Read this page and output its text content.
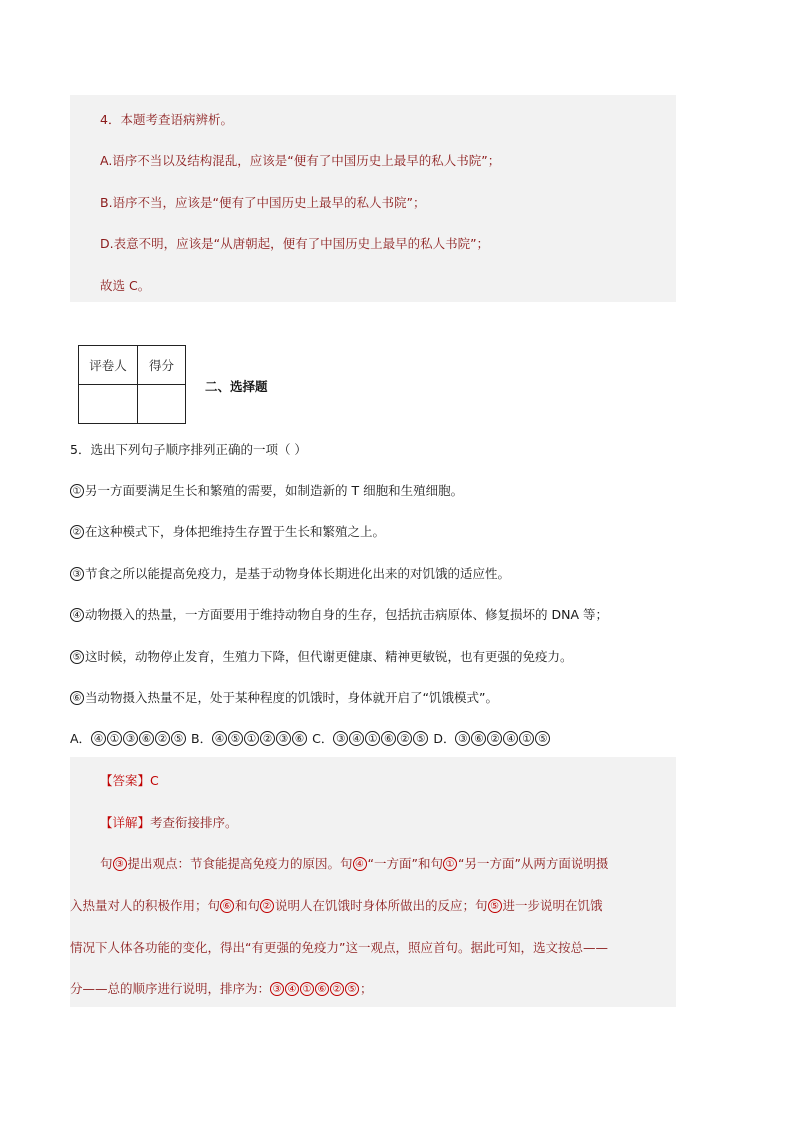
4．本题考查语病辨析。

A.语序不当以及结构混乱，应该是“便有了中国历史上最早的私人书院”；

B.语序不当，应该是“便有了中国历史上最早的私人书院”；

D.表意不明，应该是“从唐朝起，便有了中国历史上最早的私人书院”；

故选 C。

评卷人	得分

二、选择题

5．选出下列句子顺序排列正确的一项（ ）

① 另一方面要满足生长和繁殖的需要，如制造新的 T 细胞和生殖细胞。

② 在这种模式下，身体把维持生存置于生长和繁殖之上。

③ 节食之所以能提高免疫力，是基于动物身体长期进化出来的对饥饿的适应性。

④ 动物摄入的热量，一方面要用于维持动物自身的生存，包括抗击病原体、修复损坏的 DNA 等；

⑤ 这时候，动物停止发育，生殖力下降，但代谢更健康、精神更敏锐，也有更强的免疫力。

⑥ 当动物摄入热量不足，处于某种程度的饥饿时，身体就开启了“饥饿模式”。

A． ④ ① ③ ⑥ ② ⑤ B． ④ ⑤ ① ② ③ ⑥ C． ③ ④ ① ⑥ ② ⑤ D． ③ ⑥ ② ④ ① ⑤

【答案】C

【详解】考查衔接排序。

句 ③ 提出观点：节食能提高免疫力的原因。句 ④ “一方面”和句 ① “另一方面”从两方面说明摄

入热量对人的积极作用；句 ⑥ 和句 ② 说明人在饥饿时身体所做出的反应；句 ⑤ 进一步说明在饥饿

情况下人体各功能的变化，得出“有更强的免疫力”这一观点，照应首句。据此可知，选文按总——

分——总的顺序进行说明，排序为： ③ ④ ① ⑥ ② ⑤ ；
